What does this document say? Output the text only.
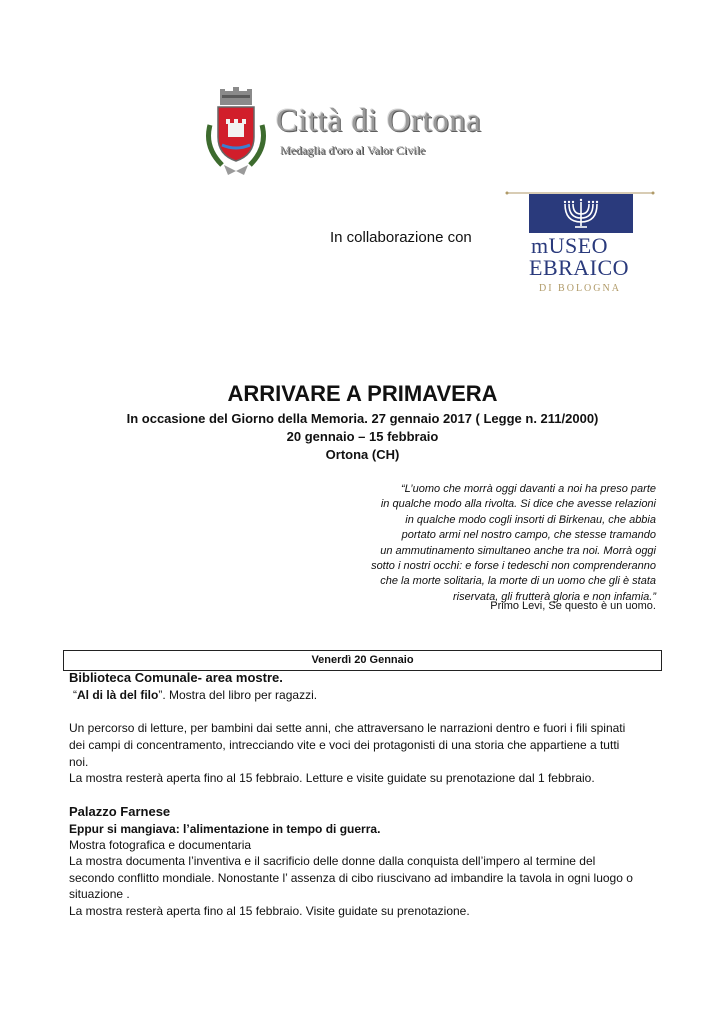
Città di Ortona
Medaglia d'oro al Valor Civile
In collaborazione con	mUSEO
EBRAICO
DI BOLOGNA
ARRIVARE A PRIMAVERA
In occasione del Giorno della Memoria. 27 gennaio 2017 ( Legge n. 211/2000)
20 gennaio – 15 febbraio
Ortona (CH)
“L’uomo che morrà oggi davanti a noi ha preso parte
in qualche modo alla rivolta. Si dice che avesse relazioni
in qualche modo cogli insorti di Birkenau, che abbia
portato armi nel nostro campo, che stesse tramando
un ammutinamento simultaneo anche tra noi. Morrà oggi
sotto i nostri occhi: e forse i tedeschi non comprenderanno
che la morte solitaria, la morte di un uomo che gli è stata
riservata, gli frutterà gloria e non infamia.”
Primo Levi, Se questo è un uomo.
Venerdì 20 Gennaio
Biblioteca Comunale- area mostre.
“Al di là del filo”. Mostra del libro per ragazzi.
Un percorso di letture, per bambini dai sette anni, che attraversano le narrazioni dentro e fuori i fili spinati
dei campi di concentramento, intrecciando vite e voci dei protagonisti di una storia che appartiene a tutti
noi.
La mostra resterà aperta fino al 15 febbraio. Letture e visite guidate su prenotazione dal 1 febbraio.
Palazzo Farnese
Eppur si mangiava: l’alimentazione in tempo di guerra.
Mostra fotografica e documentaria
La mostra documenta l’inventiva e il sacrificio delle donne dalla conquista dell’impero al termine del
secondo conflitto mondiale. Nonostante l’ assenza di cibo riuscivano ad imbandire la tavola in ogni luogo o
situazione .
La mostra resterà aperta fino al 15 febbraio. Visite guidate su prenotazione.
